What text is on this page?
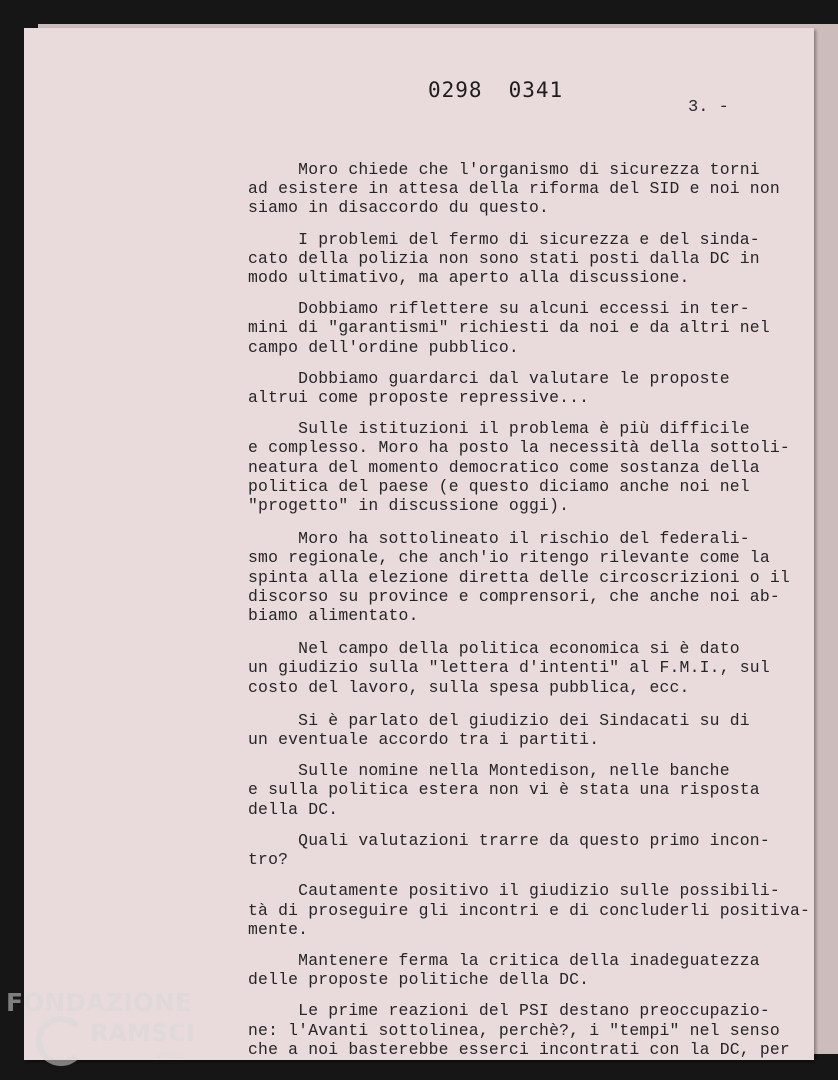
0298 0341
3. -
Moro chiede che l'organismo di sicurezza torni
ad esistere in attesa della riforma del SID e noi non
siamo in disaccordo du questo.
I problemi del fermo di sicurezza e del sinda-
cato della polizia non sono stati posti dalla DC in
modo ultimativo, ma aperto alla discussione.
Dobbiamo riflettere su alcuni eccessi in ter-
mini di "garantismi" richiesti da noi e da altri nel
campo dell'ordine pubblico.
Dobbiamo guardarci dal valutare le proposte
altrui come proposte repressive...
Sulle istituzioni il problema è più difficile
e complesso. Moro ha posto la necessità della sottoli-
neatura del momento democratico come sostanza della
politica del paese (e questo diciamo anche noi nel
"progetto" in discussione oggi).
Moro ha sottolineato il rischio del federali-
smo regionale, che anch'io ritengo rilevante come la
spinta alla elezione diretta delle circoscrizioni o il
discorso su province e comprensori, che anche noi ab-
biamo alimentato.
Nel campo della politica economica si è dato
un giudizio sulla "lettera d'intenti" al F.M.I., sul
costo del lavoro, sulla spesa pubblica, ecc.
Si è parlato del giudizio dei Sindacati su di
un eventuale accordo tra i partiti.
Sulle nomine nella Montedison, nelle banche
e sulla politica estera non vi è stata una risposta
della DC.
Quali valutazioni trarre da questo primo incon-
tro?
Cautamente positivo il giudizio sulle possibili-
tà di proseguire gli incontri e di concluderli positiva-
mente.
Mantenere ferma la critica della inadeguatezza
delle proposte politiche della DC.
Le prime reazioni del PSI destano preoccupazio-
ne: l'Avanti sottolinea, perchè?, i "tempi" nel senso
che a noi basterebbe esserci incontrati con la DC, per
FONDAZIONE
RAMSCI
onlus
